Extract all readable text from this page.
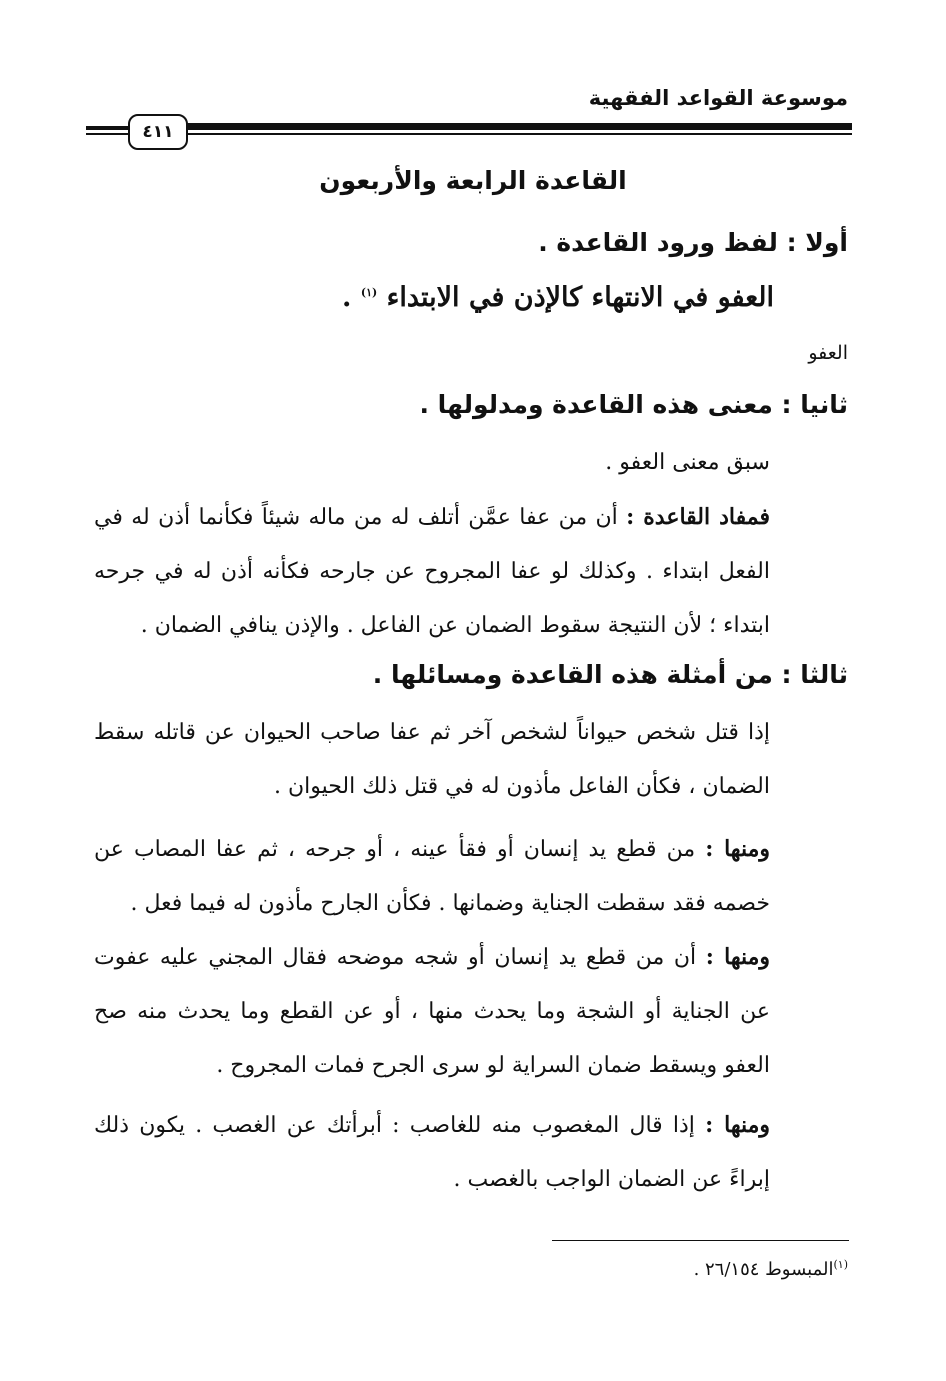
موسوعة القواعد الفقهية
٤١١
القاعدة الرابعة والأربعون
أولا : لفظ ورود القاعدة .
العفو في الانتهاء كالإذن في الابتداء $^{(١)}$ .
العفو
ثانيا : معنى هذه القاعدة ومدلولها .
سبق معنى العفو .
فمفاد القاعدة : أن من عفا عمَّن أتلف له من ماله شيئاً فكأنما أذن له في الفعل ابتداء . وكذلك لو عفا المجروح عن جارحه فكأنه أذن له في جرحه ابتداء ؛ لأن النتيجة سقوط الضمان عن الفاعل . والإذن ينافي الضمان .
ثالثا : من أمثلة هذه القاعدة ومسائلها .
إذا قتل شخص حيواناً لشخص آخر ثم عفا صاحب الحيوان عن قاتله سقط الضمان ، فكأن الفاعل مأذون له في قتل ذلك الحيوان .
ومنها : من قطع يد إنسان أو فقأ عينه ، أو جرحه ، ثم عفا المصاب عن خصمه فقد سقطت الجناية وضمانها . فكأن الجارح مأذون له فيما فعل .
ومنها : أن من قطع يد إنسان أو شجه موضحه فقال المجني عليه عفوت عن الجناية أو الشجة وما يحدث منها ، أو عن القطع وما يحدث منه صح العفو ويسقط ضمان السراية لو سرى الجرح فمات المجروح .
ومنها : إذا قال المغصوب منه للغاصب : أبرأتك عن الغصب . يكون ذلك إبراءً عن الضمان الواجب بالغصب .
$^{(١)}$المبسوط ٢٦/١٥٤ .
